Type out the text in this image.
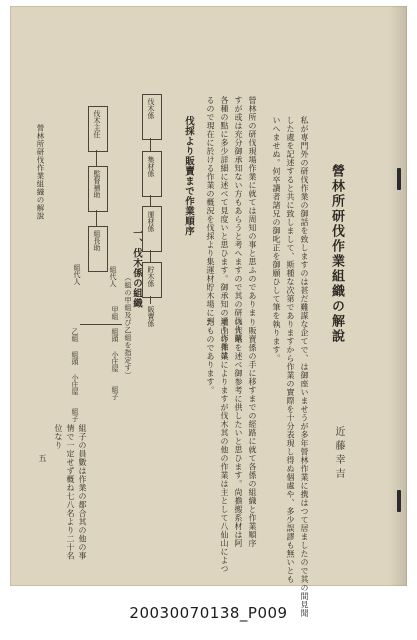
營林所研伐作業組織の解說
近藤幸吉
私が専門外の研伐作業の御話を致しますのは甚だ難謀な企てで、は御座いませうが多年營林作業に携はつて居ましたので其の間見聞
した處を記述すると共に致しまして、斯種な次第でありますから作業の實際を十分表現し得ぬ個處や、多少誤謬も無いとも
いへませぬ。何卒讀者諸兄の御叱正を御願ひして筆を執ります。
營林所の研伐現場作業に就ては周知の事と思ふのでありま
すが或は充分御承知ない方もあらうと考へますので其の研伐作業
各種の點に多少詳細に述べて見度いと思ひます。御承知の通り作業は
るので現在に於ける作業の概況を伐採より集運材貯木場に到
伐採より販賣まで作業順序
り販賣係の手に移すまでの經路に就て各係の組織と作業順序
の大略を述べ御参考に供したいと思ひます。尙擔搬系材は阿
里山の作業によりますが伐木其の他の作業は主として八仙山によつ
たものであります。
一、伐木係の組織
（組の甲組及び乙組を指定す）
伐木係
集材係
運材係
貯木係
販賣係
伐木主任
監督補助
組長助
組代人	組代人
甲組
組頭
小庄屋
組子
乙組
組頭
小庄屋
組子
組子の員數は作業の都合其の他の事情で一定せず概ね七八名より二十名位なり
營林所研伐作業組織の解說
五
20030070138_P009
